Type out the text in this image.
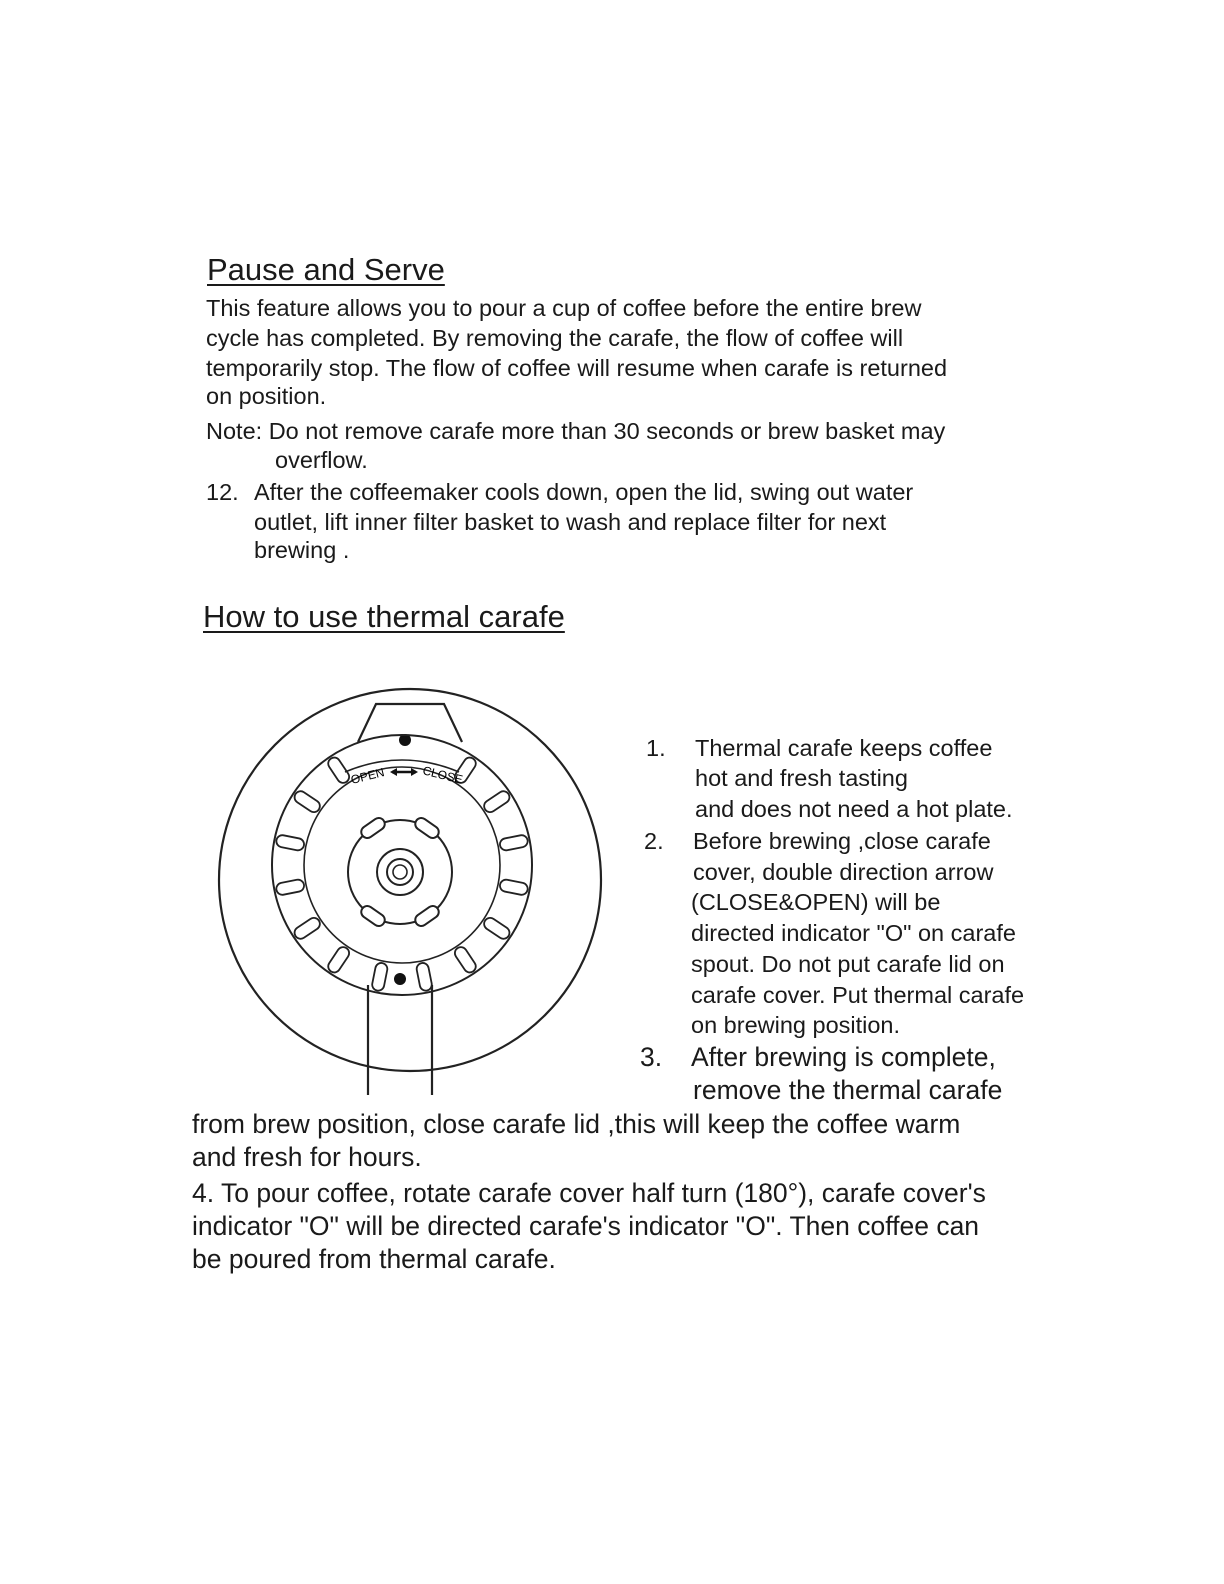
Pause and Serve
This feature allows you to pour a cup of coffee before the entire brew
cycle has completed. By removing the carafe, the flow of coffee will
temporarily stop. The flow of coffee will resume when carafe is returned
on position.
Note: Do not remove carafe more than 30 seconds or brew basket may
overflow.
12. After the coffeemaker cools down, open the lid, swing out water
outlet, lift inner filter basket to wash and replace filter for next
brewing .
How to use thermal carafe
OPEN	CLOSE
1. Thermal carafe keeps coffee
hot and fresh tasting
and does not need a hot plate.
2. Before brewing ,close carafe
cover, double direction arrow
(CLOSE&OPEN) will be
directed indicator "O" on carafe
spout. Do not put carafe lid on
carafe cover. Put thermal carafe
on brewing position.
3. After brewing is complete,
remove the thermal carafe
from brew position, close carafe lid ,this will keep the coffee warm
and fresh for hours.
4. To pour coffee, rotate carafe cover half turn (180°), carafe cover's
indicator "O" will be directed carafe's indicator "O". Then coffee can
be poured from thermal carafe.
